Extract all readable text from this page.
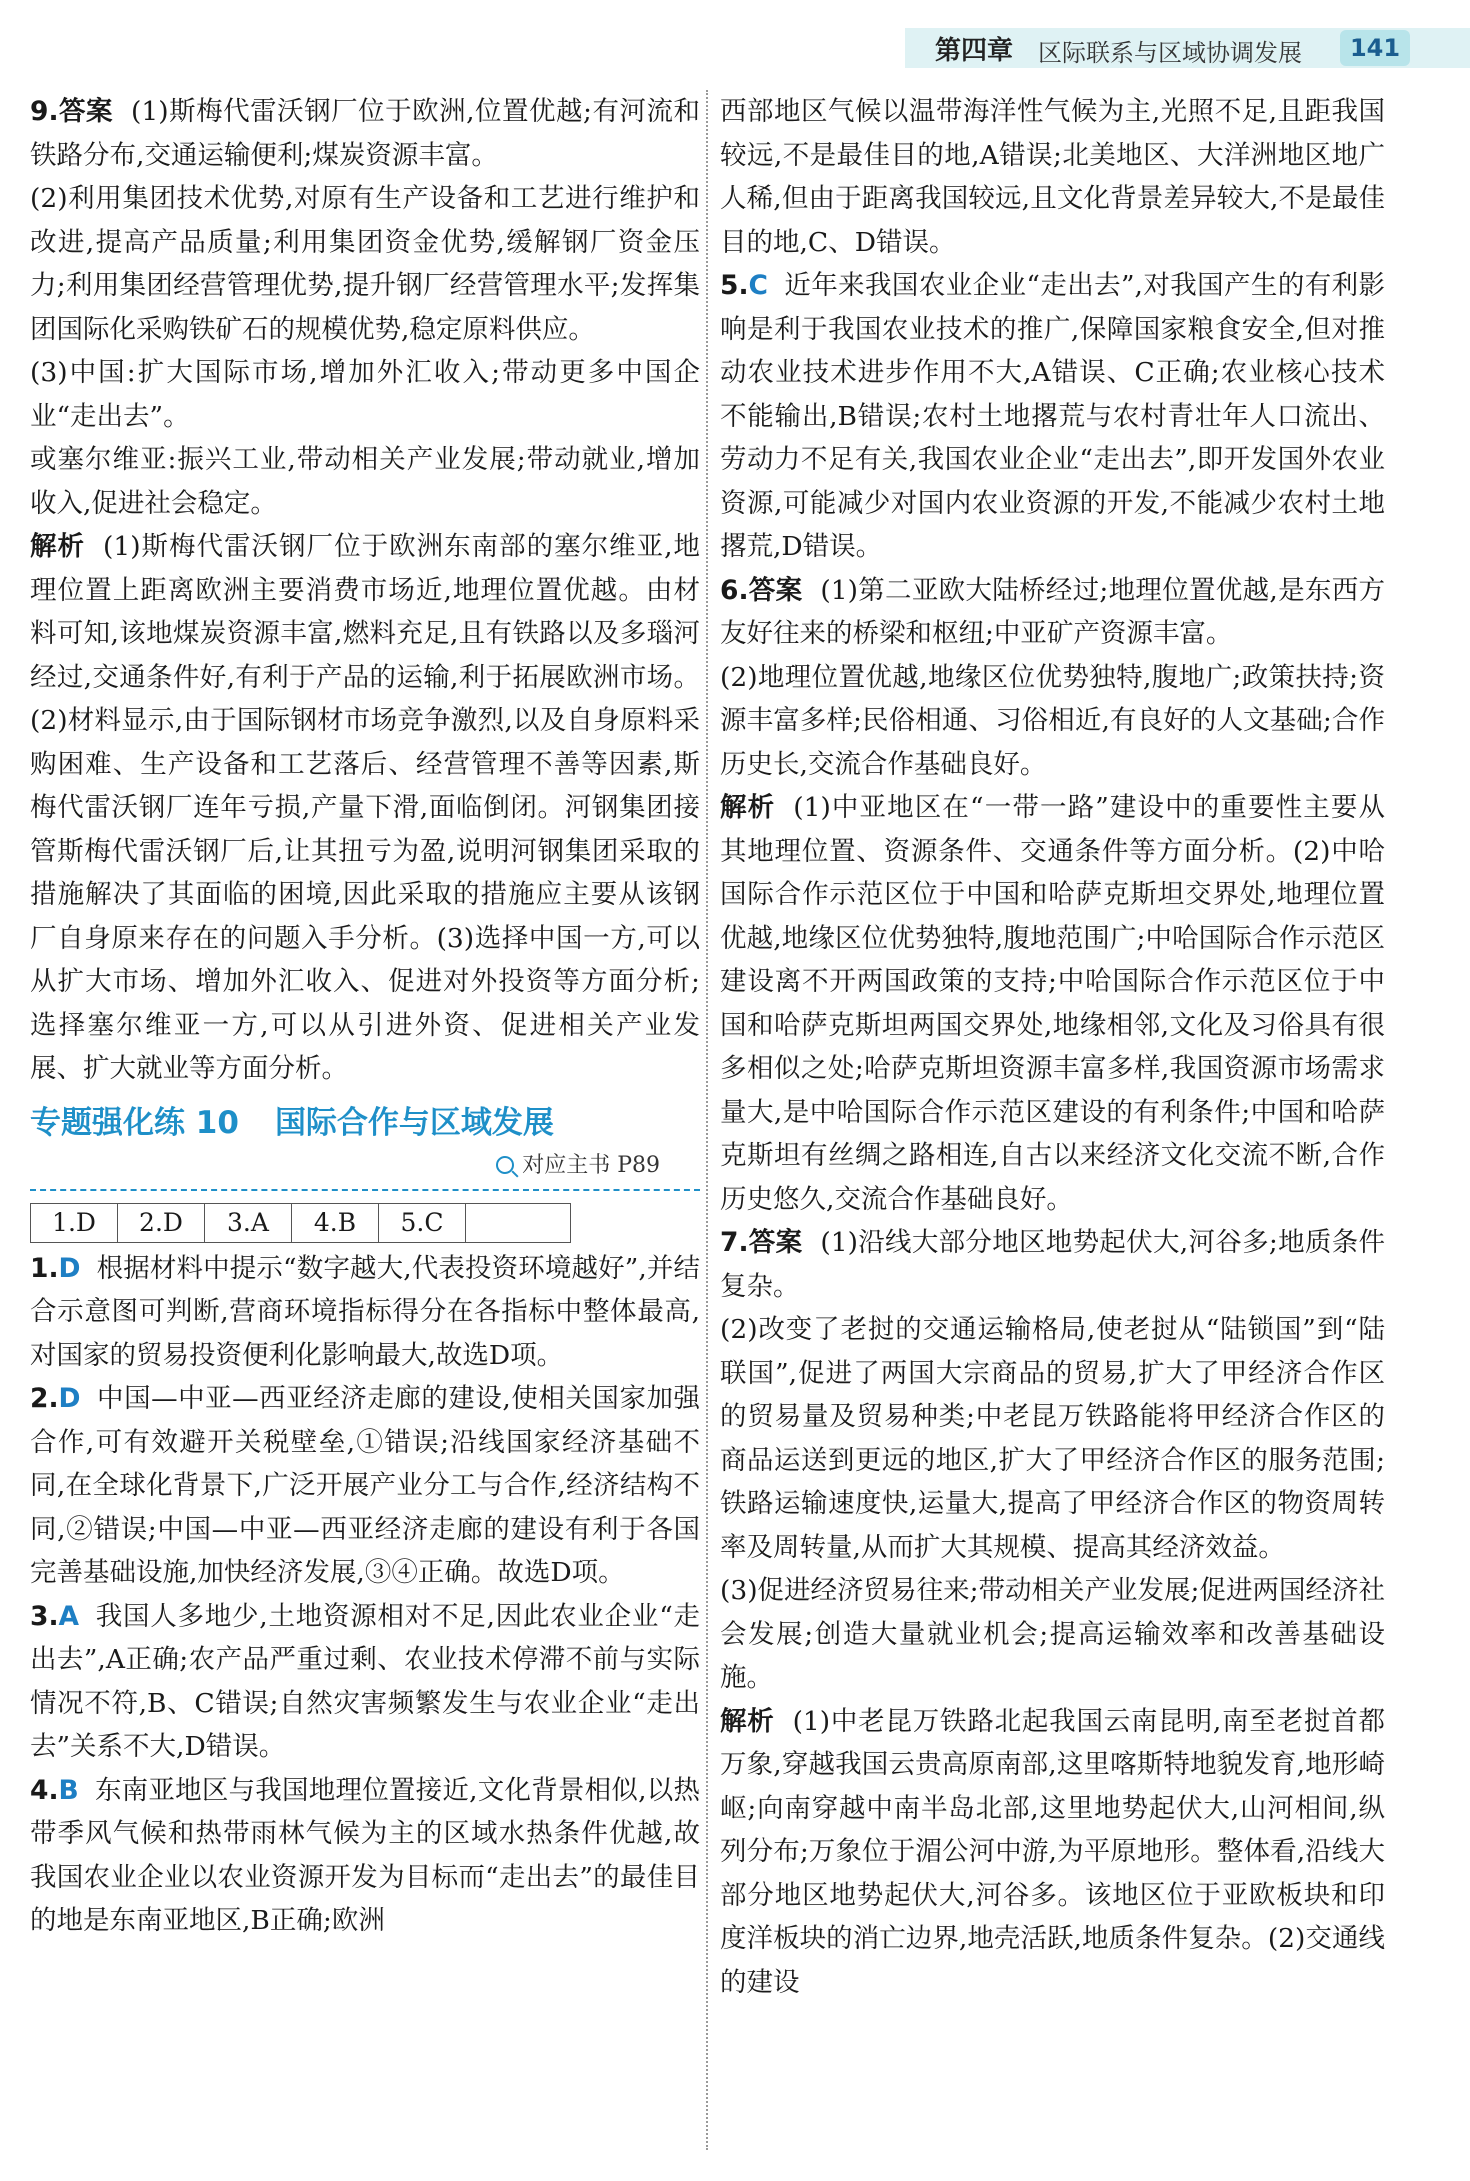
第四章 区际联系与区域协调发展	141

9.答案 (1)斯梅代雷沃钢厂位于欧洲,位置优越;有河流和铁路分布,交通运输便利;煤炭资源丰富。

(2)利用集团技术优势,对原有生产设备和工艺进行维护和改进,提高产品质量;利用集团资金优势,缓解钢厂资金压力;利用集团经营管理优势,提升钢厂经营管理水平;发挥集团国际化采购铁矿石的规模优势,稳定原料供应。

(3)中国:扩大国际市场,增加外汇收入;带动更多中国企业“走出去”。

或塞尔维亚:振兴工业,带动相关产业发展;带动就业,增加收入,促进社会稳定。

解析 (1)斯梅代雷沃钢厂位于欧洲东南部的塞尔维亚,地理位置上距离欧洲主要消费市场近,地理位置优越。由材料可知,该地煤炭资源丰富,燃料充足,且有铁路以及多瑙河经过,交通条件好,有利于产品的运输,利于拓展欧洲市场。(2)材料显示,由于国际钢材市场竞争激烈,以及自身原料采购困难、生产设备和工艺落后、经营管理不善等因素,斯梅代雷沃钢厂连年亏损,产量下滑,面临倒闭。河钢集团接管斯梅代雷沃钢厂后,让其扭亏为盈,说明河钢集团采取的措施解决了其面临的困境,因此采取的措施应主要从该钢厂自身原来存在的问题入手分析。(3)选择中国一方,可以从扩大市场、增加外汇收入、促进对外投资等方面分析;选择塞尔维亚一方,可以从引进外资、促进相关产业发展、扩大就业等方面分析。

专题强化练 10 国际合作与区域发展
对应主书 P89
1.D	2.D	3.A	4.B	5.C	

1.D 根据材料中提示“数字越大,代表投资环境越好”,并结合示意图可判断,营商环境指标得分在各指标中整体最高,对国家的贸易投资便利化影响最大,故选D项。

2.D 中国—中亚—西亚经济走廊的建设,使相关国家加强合作,可有效避开关税壁垒,①错误;沿线国家经济基础不同,在全球化背景下,广泛开展产业分工与合作,经济结构不同,②错误;中国—中亚—西亚经济走廊的建设有利于各国完善基础设施,加快经济发展,③④正确。故选D项。

3.A 我国人多地少,土地资源相对不足,因此农业企业“走出去”,A正确;农产品严重过剩、农业技术停滞不前与实际情况不符,B、C错误;自然灾害频繁发生与农业企业“走出去”关系不大,D错误。

4.B 东南亚地区与我国地理位置接近,文化背景相似,以热带季风气候和热带雨林气候为主的区域水热条件优越,故我国农业企业以农业资源开发为目标而“走出去”的最佳目的地是东南亚地区,B正确;欧洲

西部地区气候以温带海洋性气候为主,光照不足,且距我国较远,不是最佳目的地,A错误;北美地区、大洋洲地区地广人稀,但由于距离我国较远,且文化背景差异较大,不是最佳目的地,C、D错误。

5.C 近年来我国农业企业“走出去”,对我国产生的有利影响是利于我国农业技术的推广,保障国家粮食安全,但对推动农业技术进步作用不大,A错误、C正确;农业核心技术不能输出,B错误;农村土地撂荒与农村青壮年人口流出、劳动力不足有关,我国农业企业“走出去”,即开发国外农业资源,可能减少对国内农业资源的开发,不能减少农村土地撂荒,D错误。

6.答案 (1)第二亚欧大陆桥经过;地理位置优越,是东西方友好往来的桥梁和枢纽;中亚矿产资源丰富。

(2)地理位置优越,地缘区位优势独特,腹地广;政策扶持;资源丰富多样;民俗相通、习俗相近,有良好的人文基础;合作历史长,交流合作基础良好。

解析 (1)中亚地区在“一带一路”建设中的重要性主要从其地理位置、资源条件、交通条件等方面分析。(2)中哈国际合作示范区位于中国和哈萨克斯坦交界处,地理位置优越,地缘区位优势独特,腹地范围广;中哈国际合作示范区建设离不开两国政策的支持;中哈国际合作示范区位于中国和哈萨克斯坦两国交界处,地缘相邻,文化及习俗具有很多相似之处;哈萨克斯坦资源丰富多样,我国资源市场需求量大,是中哈国际合作示范区建设的有利条件;中国和哈萨克斯坦有丝绸之路相连,自古以来经济文化交流不断,合作历史悠久,交流合作基础良好。

7.答案 (1)沿线大部分地区地势起伏大,河谷多;地质条件复杂。

(2)改变了老挝的交通运输格局,使老挝从“陆锁国”到“陆联国”,促进了两国大宗商品的贸易,扩大了甲经济合作区的贸易量及贸易种类;中老昆万铁路能将甲经济合作区的商品运送到更远的地区,扩大了甲经济合作区的服务范围;铁路运输速度快,运量大,提高了甲经济合作区的物资周转率及周转量,从而扩大其规模、提高其经济效益。

(3)促进经济贸易往来;带动相关产业发展;促进两国经济社会发展;创造大量就业机会;提高运输效率和改善基础设施。

解析 (1)中老昆万铁路北起我国云南昆明,南至老挝首都万象,穿越我国云贵高原南部,这里喀斯特地貌发育,地形崎岖;向南穿越中南半岛北部,这里地势起伏大,山河相间,纵列分布;万象位于湄公河中游,为平原地形。整体看,沿线大部分地区地势起伏大,河谷多。该地区位于亚欧板块和印度洋板块的消亡边界,地壳活跃,地质条件复杂。(2)交通线的建设
